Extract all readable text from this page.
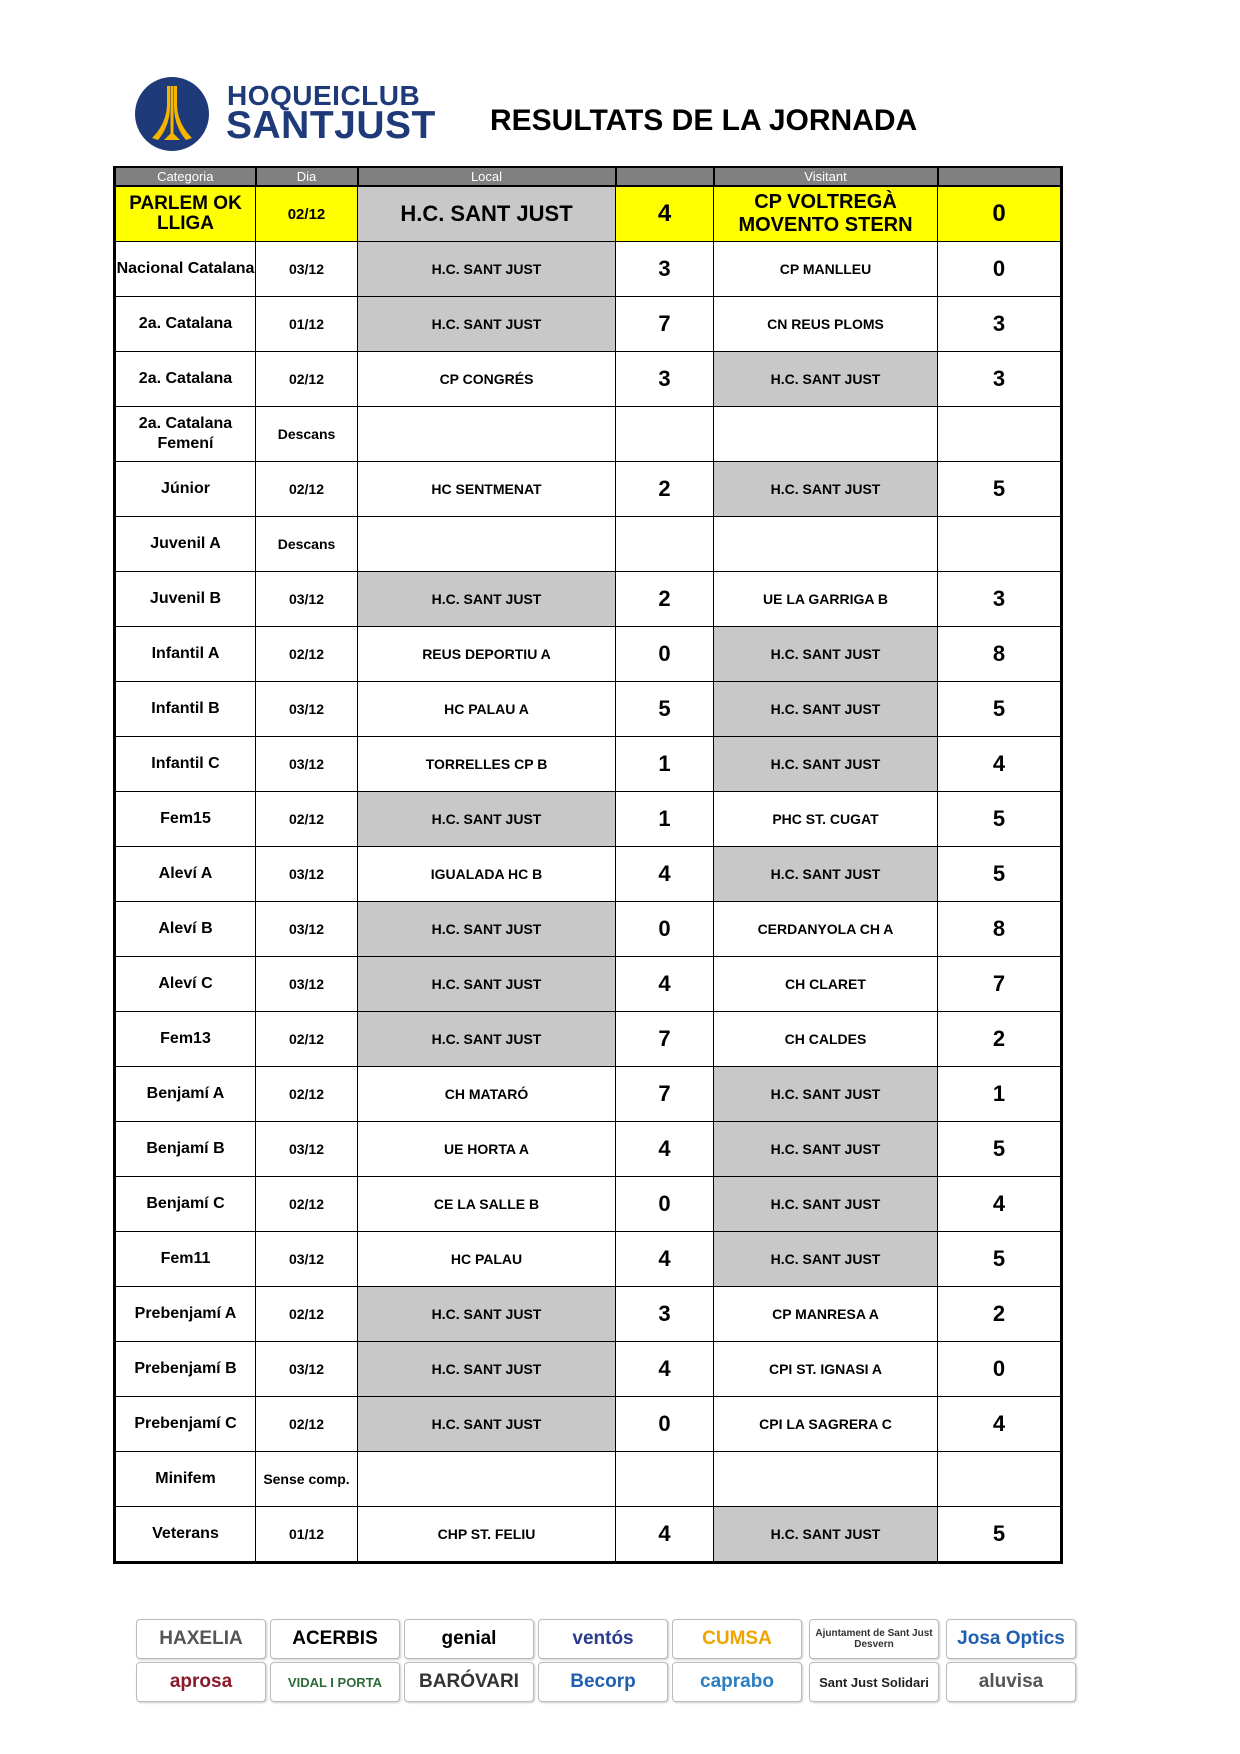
HOQUEICLUB
SANTJUST RESULTATS DE LA JORNADA
Categoria	Dia	Local		Visitant	
PARLEM OK LLIGA	02/12	H.C. SANT JUST	4	CP VOLTREGÀ MOVENTO STERN	0
Nacional Catalana	03/12	H.C. SANT JUST	3	CP MANLLEU	0
2a. Catalana	01/12	H.C. SANT JUST	7	CN REUS PLOMS	3
2a. Catalana	02/12	CP CONGRÉS	3	H.C. SANT JUST	3
2a. Catalana Femení	Descans				
Júnior	02/12	HC SENTMENAT	2	H.C. SANT JUST	5
Juvenil A	Descans				
Juvenil B	03/12	H.C. SANT JUST	2	UE LA GARRIGA B	3
Infantil A	02/12	REUS DEPORTIU A	0	H.C. SANT JUST	8
Infantil B	03/12	HC PALAU A	5	H.C. SANT JUST	5
Infantil C	03/12	TORRELLES CP B	1	H.C. SANT JUST	4
Fem15	02/12	H.C. SANT JUST	1	PHC ST. CUGAT	5
Aleví A	03/12	IGUALADA HC B	4	H.C. SANT JUST	5
Aleví B	03/12	H.C. SANT JUST	0	CERDANYOLA CH A	8
Aleví C	03/12	H.C. SANT JUST	4	CH CLARET	7
Fem13	02/12	H.C. SANT JUST	7	CH CALDES	2
Benjamí A	02/12	CH MATARÓ	7	H.C. SANT JUST	1
Benjamí B	03/12	UE HORTA A	4	H.C. SANT JUST	5
Benjamí C	02/12	CE LA SALLE B	0	H.C. SANT JUST	4
Fem11	03/12	HC PALAU	4	H.C. SANT JUST	5
Prebenjamí A	02/12	H.C. SANT JUST	3	CP MANRESA A	2
Prebenjamí B	03/12	H.C. SANT JUST	4	CPI ST. IGNASI A	0
Prebenjamí C	02/12	H.C. SANT JUST	0	CPI LA SAGRERA C	4
Minifem	Sense comp.				
Veterans	01/12	CHP ST. FELIU	4	H.C. SANT JUST	5
HAXELIA	ACERBIS	genial	ventós	CUMSA	Ajuntament de Sant Just Desvern	Josa Optics
aprosa	VIDAL I PORTA	BARÓVARI	Becorp	caprabo	Sant Just Solidari	aluvisa
